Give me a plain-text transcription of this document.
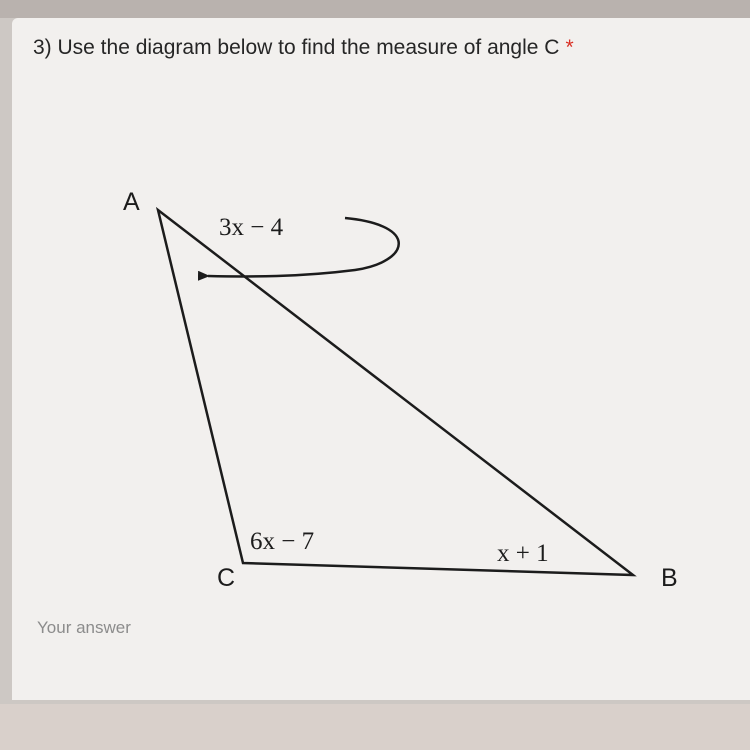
3) Use the diagram below to find the measure of angle C *
A
B
C
3x − 4
6x − 7	x + 1
Your answer
